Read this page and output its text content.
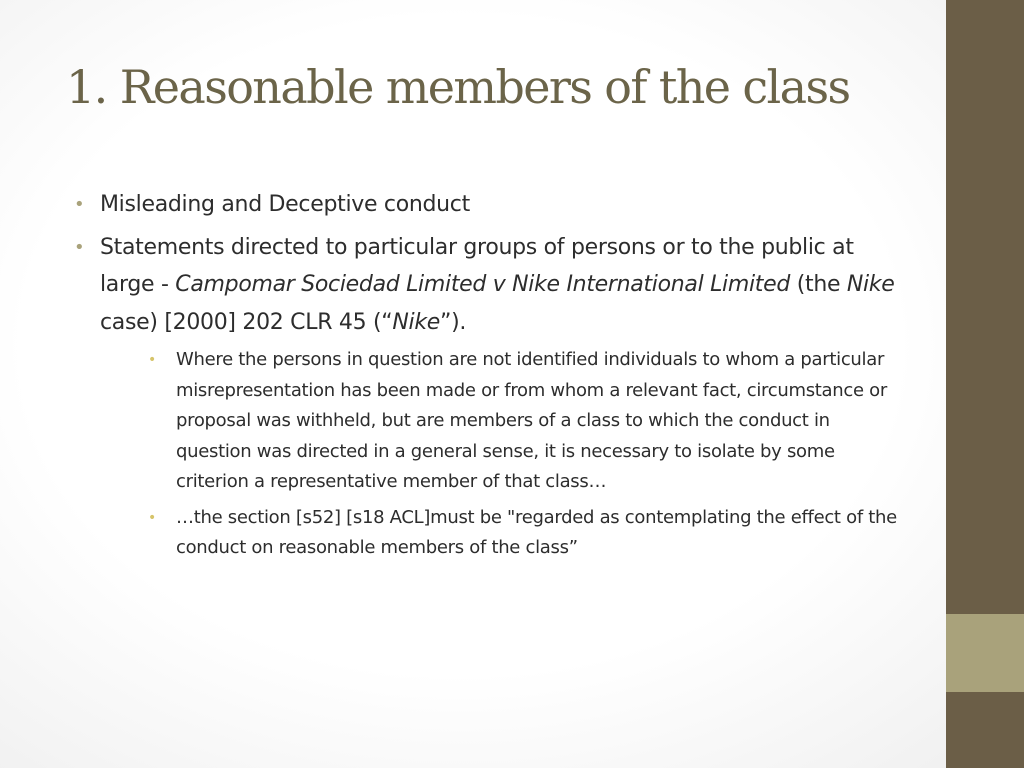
1. Reasonable members of the class
• Misleading and Deceptive conduct
• Statements directed to particular groups of persons or to the public at large - Campomar Sociedad Limited v Nike International Limited (the Nike case) [2000] 202 CLR 45 (“Nike”).
• Where the persons in question are not identified individuals to whom a particular misrepresentation has been made or from whom a relevant fact, circumstance or proposal was withheld, but are members of a class to which the conduct in question was directed in a general sense, it is necessary to isolate by some criterion a representative member of that class…
• …the section [s52] [s18 ACL]must be "regarded as contemplating the effect of the conduct on reasonable members of the class”
